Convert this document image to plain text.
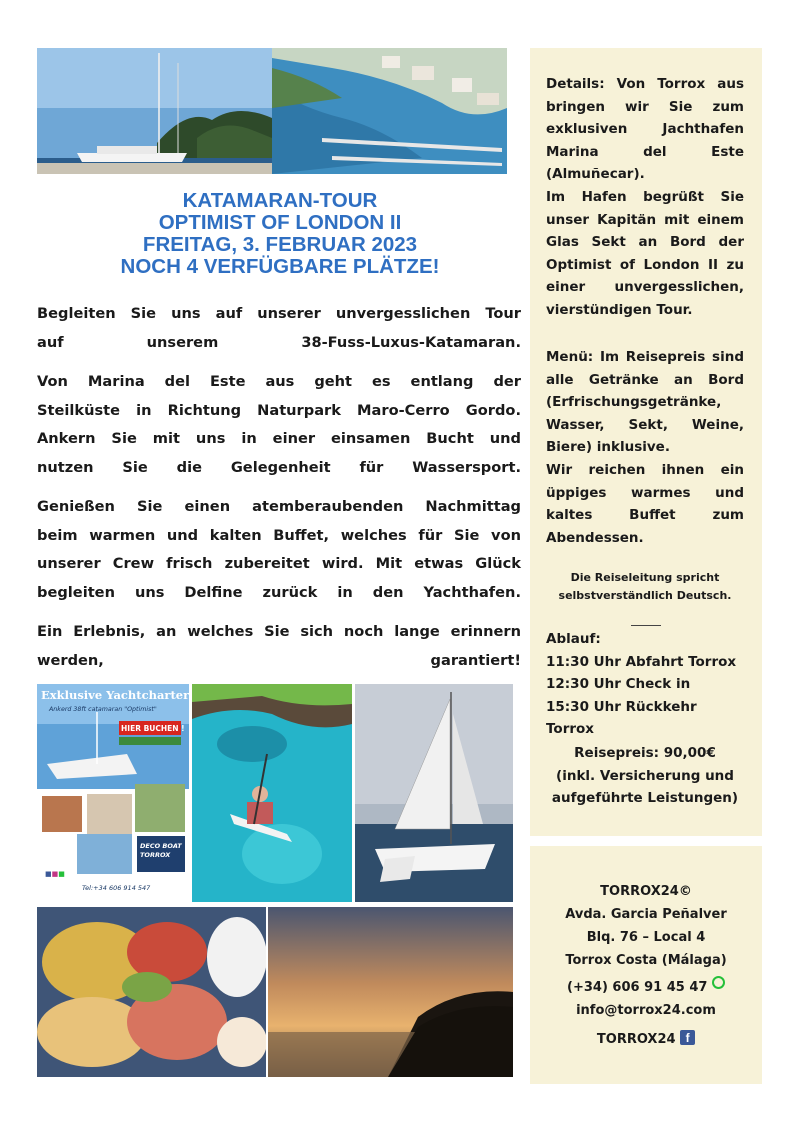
KATAMARAN-TOUR
OPTIMIST OF LONDON II
FREITAG, 3. FEBRUAR 2023
NOCH 4 VERFÜGBARE PLÄTZE!

Begleiten Sie uns auf unserer unvergesslichen Tour
auf unserem 38-Fuss-Luxus-Katamaran.

Von Marina del Este aus geht es entlang der
Steilküste in Richtung Naturpark Maro-Cerro Gordo.
Ankern Sie mit uns in einer einsamen Bucht und
nutzen Sie die Gelegenheit für Wassersport.

Genießen Sie einen atemberaubenden Nachmittag
beim warmen und kalten Buffet, welches für Sie von
unserer Crew frisch zubereitet wird. Mit etwas Glück
begleiten uns Delfine zurück in den Yachthafen.

Ein Erlebnis, an welches Sie sich noch lange erinnern
werden, garantiert!

Exklusive Yachtcharter
Ankerd 38ft catamaran "Optimist"
HIER BUCHEN !
DECO BOAT TORROX
■■■
Tel:+34 606 914 547
Details: Von Torrox aus
bringen wir Sie zum
exklusiven Jachthafen
Marina del Este
(Almuñecar).
Im Hafen begrüßt Sie
unser Kapitän mit einem
Glas Sekt an Bord der
Optimist of London II zu
einer unvergesslichen,
vierstündigen Tour.
Menü: Im Reisepreis sind
alle Getränke an Bord
(Erfrischungsgetränke,
Wasser, Sekt, Weine,
Biere) inklusive.
Wir reichen ihnen ein
üppiges warmes und
kaltes Buffet zum
Abendessen.
Die Reiseleitung spricht
selbstverständlich Deutsch.
Ablauf:
11:30 Uhr Abfahrt Torrox
12:30 Uhr Check in
15:30 Uhr Rückkehr
Torrox
Reisepreis: 90,00€
(inkl. Versicherung und
aufgeführte Leistungen)
TORROX24©
Avda. Garcia Peñalver
Blq. 76 – Local 4
Torrox Costa (Málaga)
(+34) 606 91 45 47
info@torrox24.com
TORROX24 f
